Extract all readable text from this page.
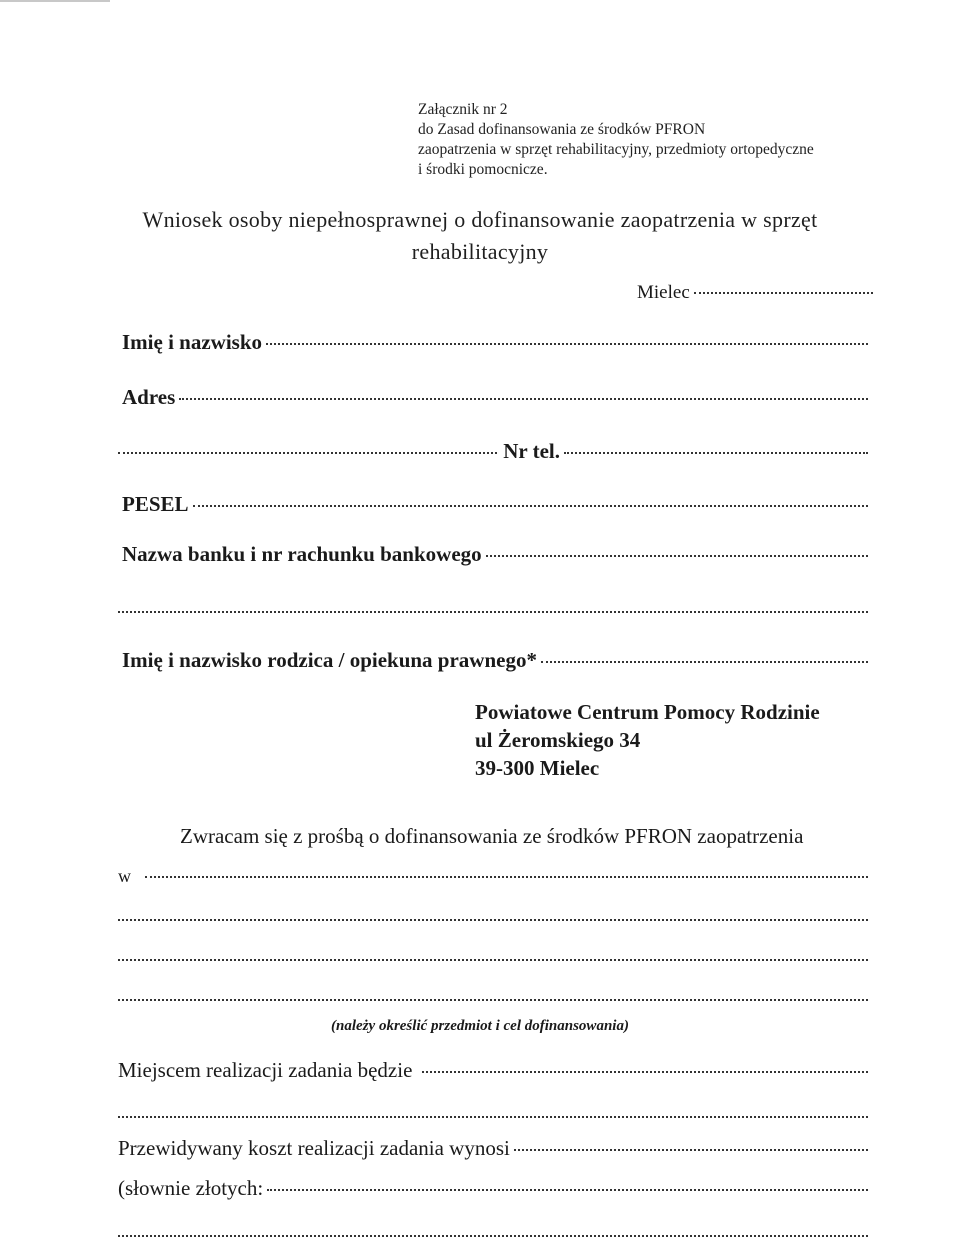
Załącznik nr 2
do Zasad dofinansowania ze środków PFRON
zaopatrzenia w sprzęt rehabilitacyjny, przedmioty ortopedyczne
i środki pomocnicze.
Wniosek osoby niepełnosprawnej o dofinansowanie zaopatrzenia w sprzęt
rehabilitacyjny
Mielec
Imię i nazwisko
Adres
Nr tel.
PESEL
Nazwa banku i nr rachunku bankowego
Imię i nazwisko rodzica / opiekuna prawnego*
Powiatowe Centrum Pomocy Rodzinie
ul Żeromskiego 34
39-300 Mielec
Zwracam się z prośbą o dofinansowania ze środków PFRON zaopatrzenia
w
(należy określić przedmiot i cel dofinansowania)
Miejscem realizacji zadania będzie
Przewidywany koszt realizacji zadania wynosi
(słownie złotych:
